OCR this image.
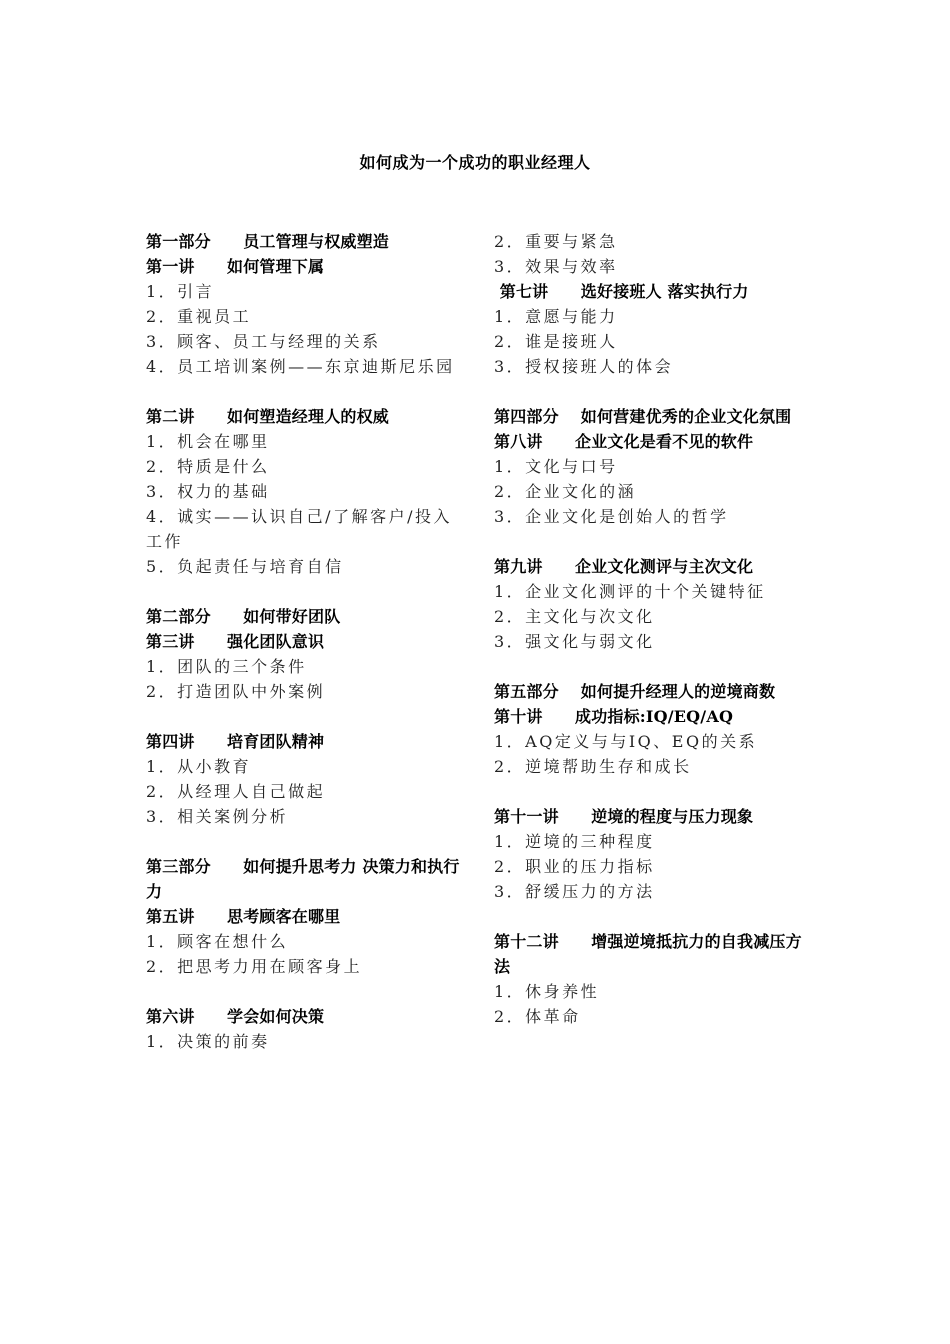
如何成为一个成功的职业经理人
第一部分　　员工管理与权威塑造
第一讲　　如何管理下属
1．引言
2．重视员工
3．顾客、员工与经理的关系
4．员工培训案例——东京迪斯尼乐园
第二讲　　如何塑造经理人的权威
1．机会在哪里
2．特质是什么
3．权力的基础
4．诚实——认识自己/了解客户/投入工作
5．负起责任与培育自信
第二部分　　如何带好团队
第三讲　　强化团队意识
1．团队的三个条件
2．打造团队中外案例
第四讲　　培育团队精神
1．从小教育
2．从经理人自己做起
3．相关案例分析
第三部分　　如何提升思考力 决策力和执行力
第五讲　　思考顾客在哪里
1．顾客在想什么
2．把思考力用在顾客身上
第六讲　　学会如何决策
1．决策的前奏
2．重要与紧急
3．效果与效率
第七讲　　选好接班人 落实执行力
1．意愿与能力
2．谁是接班人
3．授权接班人的体会
第四部分　 如何营建优秀的企业文化氛围
第八讲　　企业文化是看不见的软件
1．文化与口号
2．企业文化的涵
3．企业文化是创始人的哲学
第九讲　　企业文化测评与主次文化
1．企业文化测评的十个关键特征
2．主文化与次文化
3．强文化与弱文化
第五部分　 如何提升经理人的逆境商数
第十讲　　成功指标:IQ/EQ/AQ
1．AQ定义与与IQ、EQ的关系
2．逆境帮助生存和成长
第十一讲　　逆境的程度与压力现象
1．逆境的三种程度
2．职业的压力指标
3．舒缓压力的方法
第十二讲　　增强逆境抵抗力的自我减压方法
1．休身养性
2．体革命
